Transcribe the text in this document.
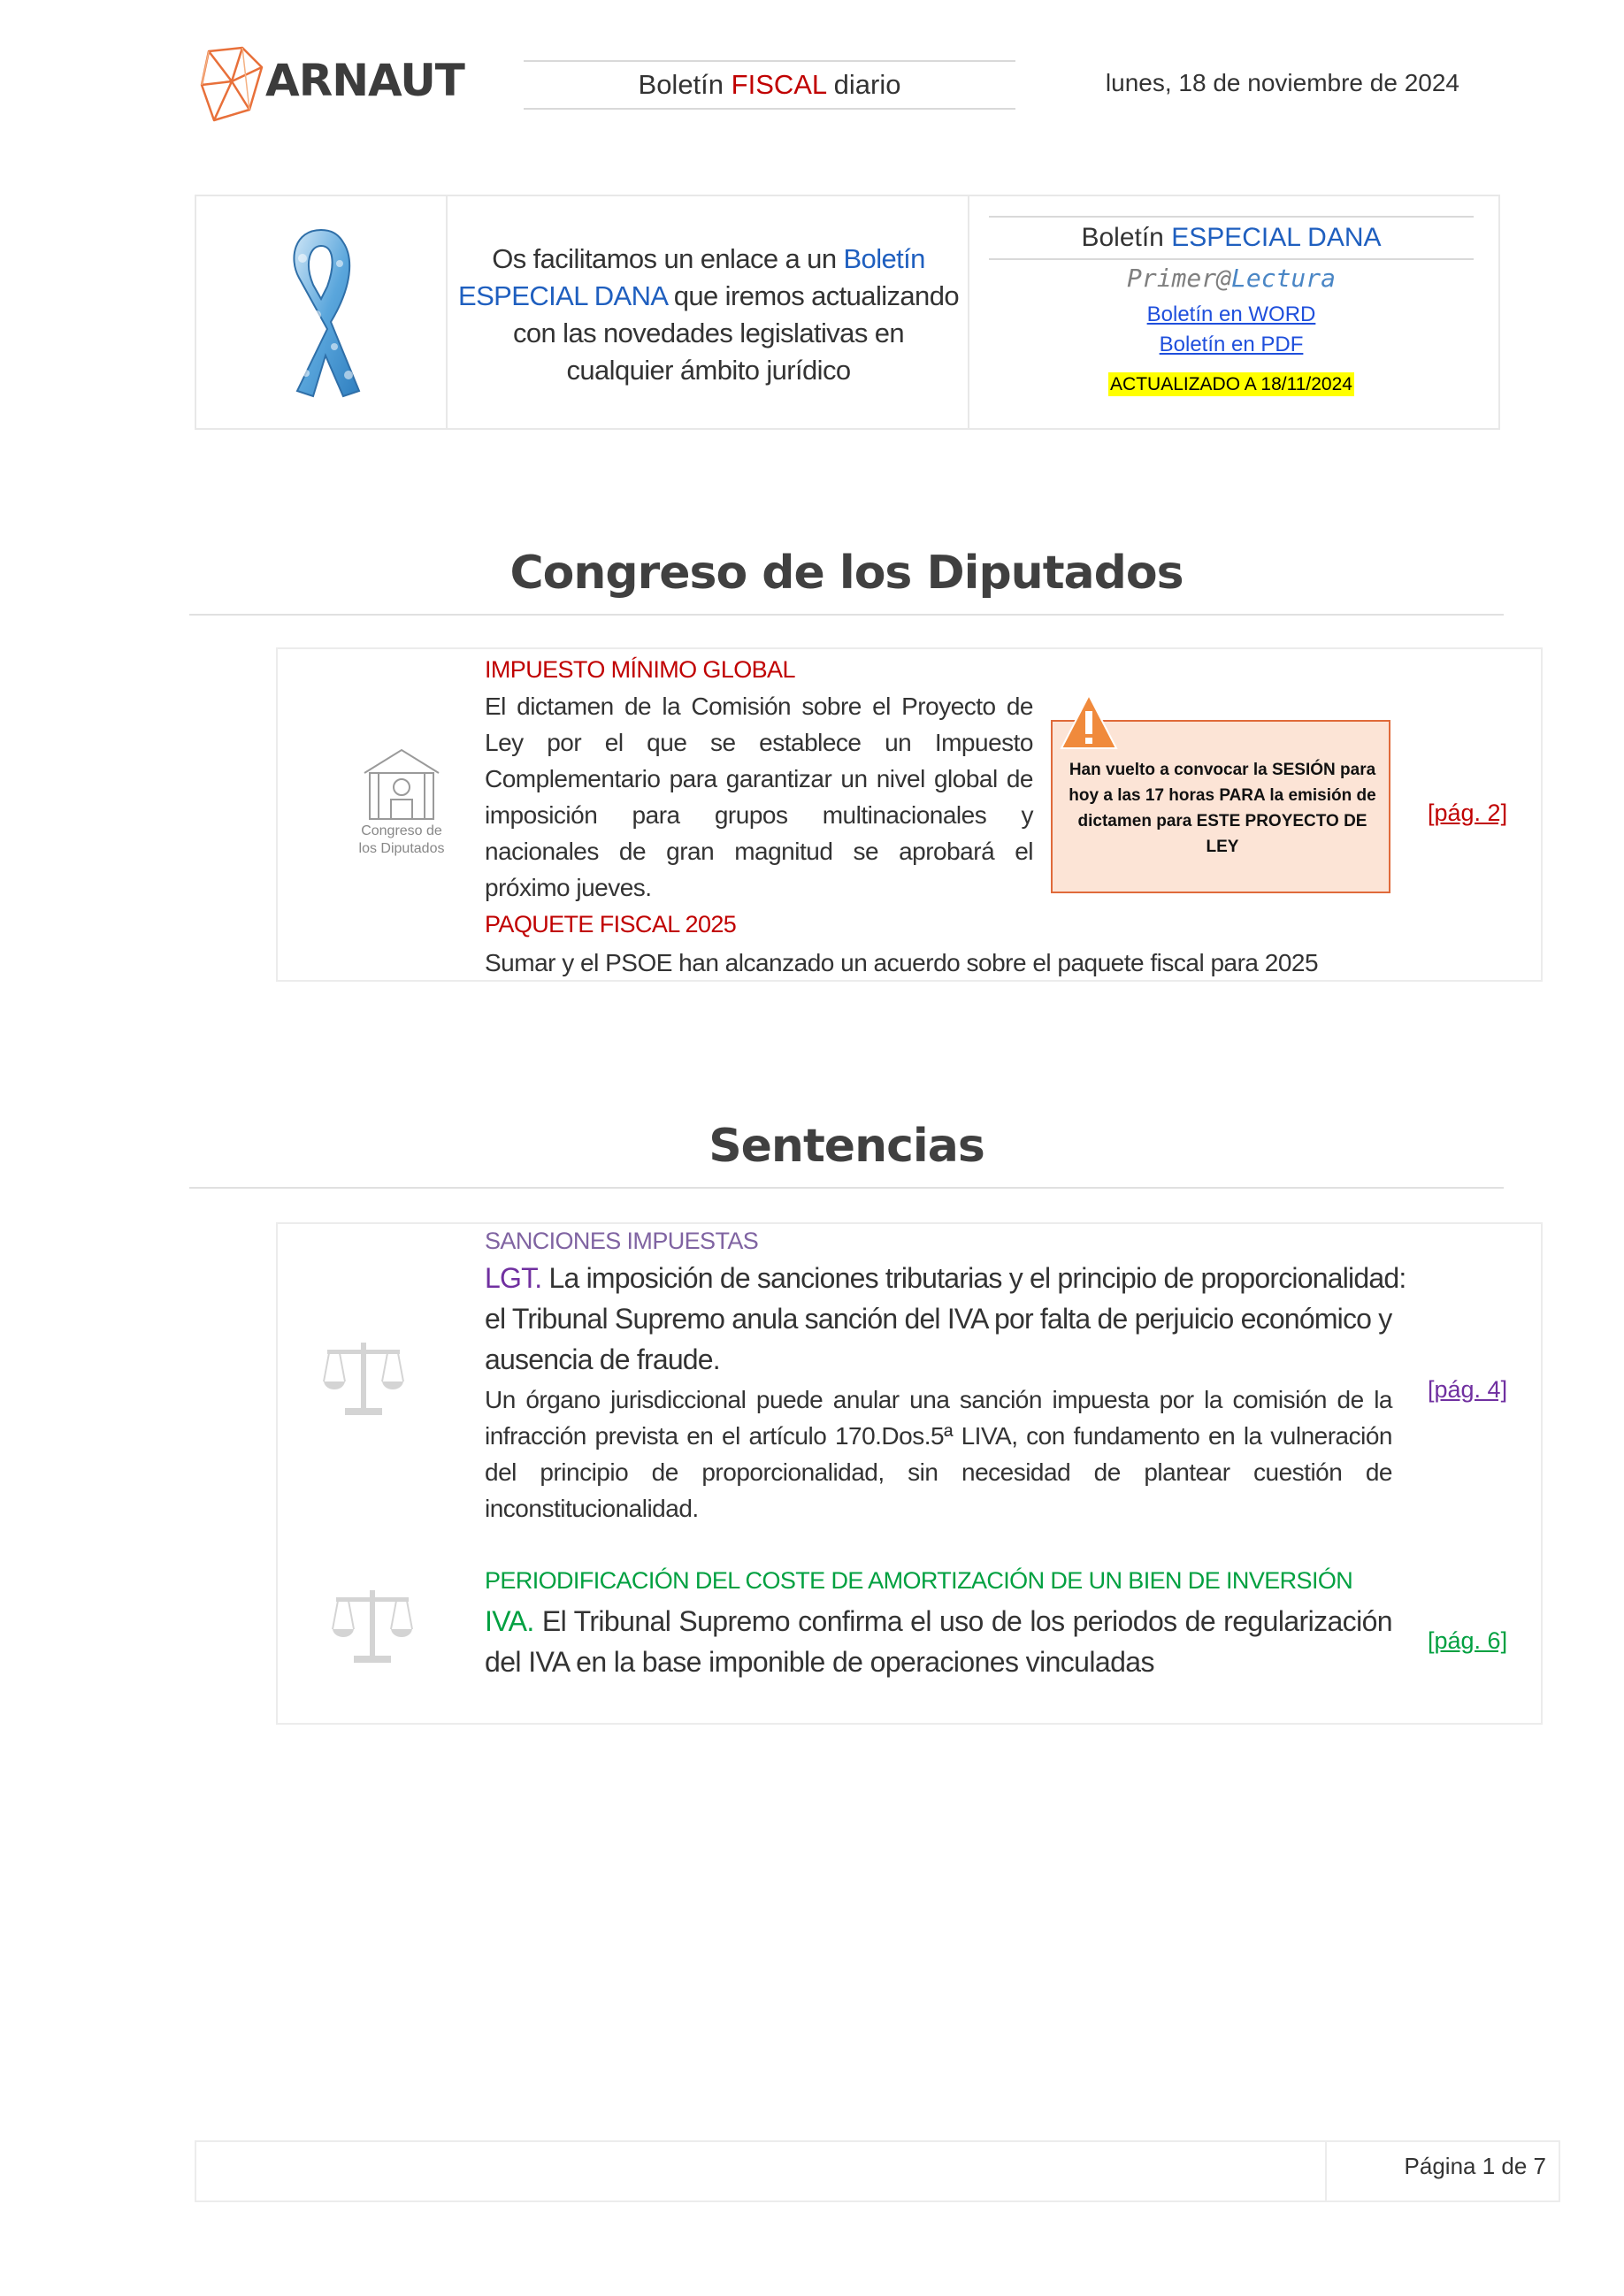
ARNAUT	Boletín FISCAL diario	lunes, 18 de noviembre de 2024
Os facilitamos un enlace a un Boletín ESPECIAL DANA que iremos actualizando con las novedades legislativas en cualquier ámbito jurídico
Boletín ESPECIAL DANA
Primer@Lectura
Boletín en WORD
Boletín en PDF
ACTUALIZADO A 18/11/2024
Congreso de los Diputados
Congreso de
los Diputados
IMPUESTO MÍNIMO GLOBAL
El dictamen de la Comisión sobre el Proyecto de Ley por el que se establece un Impuesto Complementario para garantizar un nivel global de imposición para grupos multinacionales y nacionales de gran magnitud se aprobará el próximo jueves.
PAQUETE FISCAL 2025
Sumar y el PSOE han alcanzado un acuerdo sobre el paquete fiscal para 2025
Han vuelto a convocar la SESIÓN para hoy a las 17 horas PARA la emisión de dictamen para ESTE PROYECTO DE LEY
[pág. 2]
Sentencias
SANCIONES IMPUESTAS
LGT. La imposición de sanciones tributarias y el principio de proporcionalidad: el Tribunal Supremo anula sanción del IVA por falta de perjuicio económico y ausencia de fraude.
Un órgano jurisdiccional puede anular una sanción impuesta por la comisión de la infracción prevista en el artículo 170.Dos.5ª LIVA, con fundamento en la vulneración del principio de proporcionalidad, sin necesidad de plantear cuestión de inconstitucionalidad.
[pág. 4]
PERIODIFICACIÓN DEL COSTE DE AMORTIZACIÓN DE UN BIEN DE INVERSIÓN
IVA. El Tribunal Supremo confirma el uso de los periodos de regularización del IVA en la base imponible de operaciones vinculadas
[pág. 6]
Página 1 de 7
